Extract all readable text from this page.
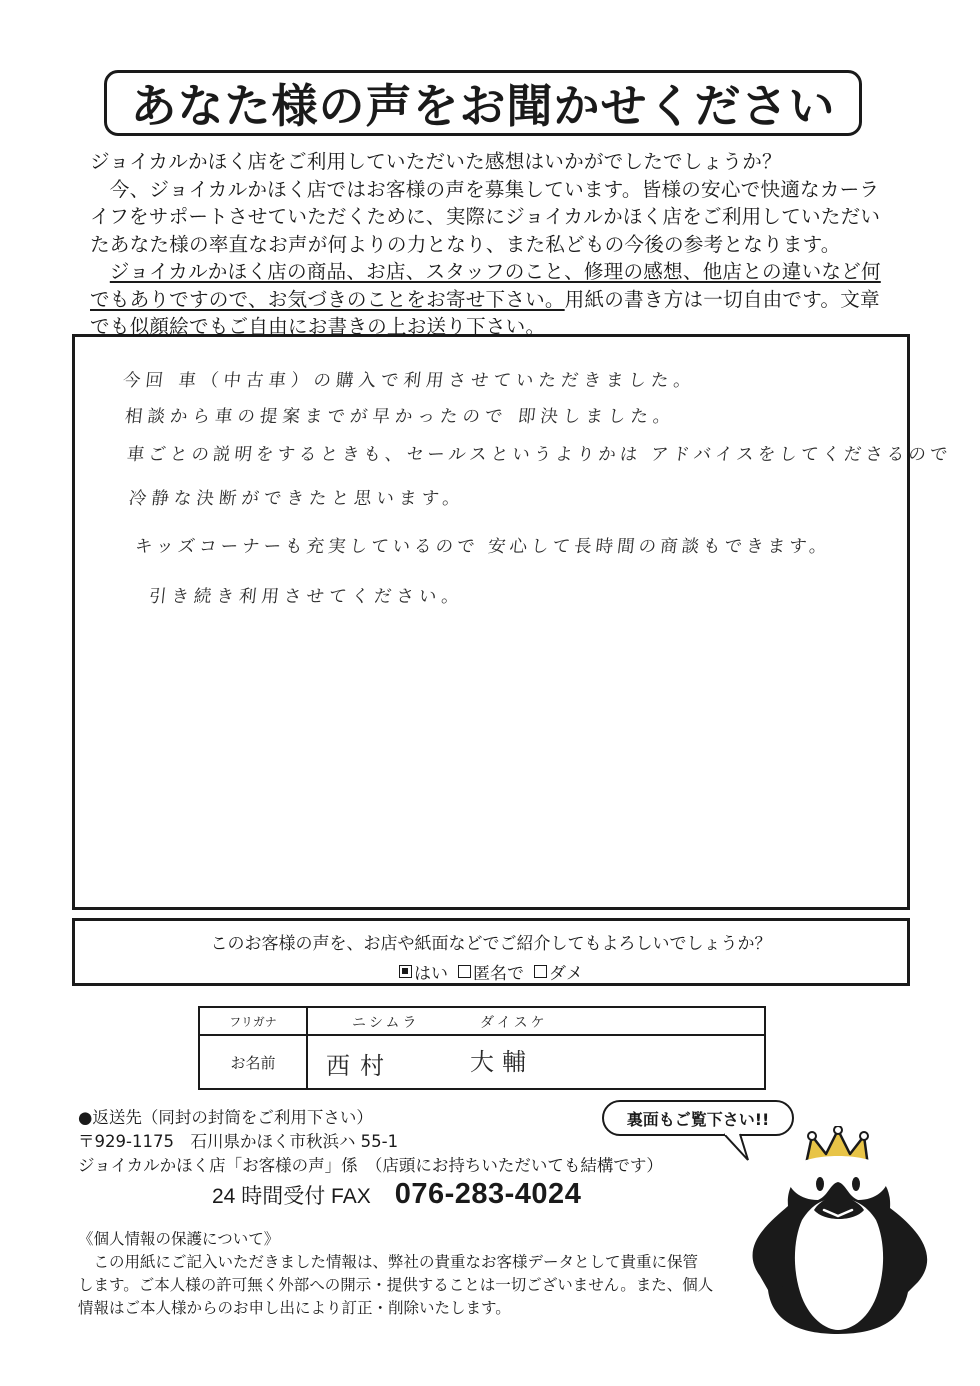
あなた様の声をお聞かせください

ジョイカルかほく店をご利用していただいた感想はいかがでしたでしょうか？

　今、ジョイカルかほく店ではお客様の声を募集しています。皆様の安心で快適なカーラ

イフをサポートさせていただくために、実際にジョイカルかほく店をご利用していただい

たあなた様の率直なお声が何よりの力となり、また私どもの今後の参考となります。

　ジョイカルかほく店の商品、お店、スタッフのこと、修理の感想、他店との違いなど何

でもありですので、お気づきのことをお寄せ下さい。用紙の書き方は一切自由です。文章

でも似顔絵でもご自由にお書きの上お送り下さい。

今回 車（中古車）の購入で利用させていただきました。
相談から車の提案までが早かったので 即決しました。
車ごとの説明をするときも、セールスというよりかは アドバイスをしてくださるので
冷静な決断ができたと思います。
キッズコーナーも充実しているので 安心して長時間の商談もできます。
引き続き利用させてください。
このお客様の声を、お店や紙面などでご紹介してもよろしいでしょうか？
はい 匿名で ダメ
フリガナ	ニシムラ	ダイスケ
お名前	西村	大輔
●返送先（同封の封筒をご利用下さい）
〒929-1175　石川県かほく市秋浜ハ 55-1
ジョイカルかほく店「お客様の声」係　（店頭にお持ちいただいても結構です）
24 時間受付 FAX 076-283-4024
裏面もご覧下さい!!

《個人情報の保護について》

　この用紙にご記入いただきました情報は、弊社の貴重なお客様データとして貴重に保管

します。ご本人様の許可無く外部への開示・提供することは一切ございません。また、個人

情報はご本人様からのお申し出により訂正・削除いたします。
